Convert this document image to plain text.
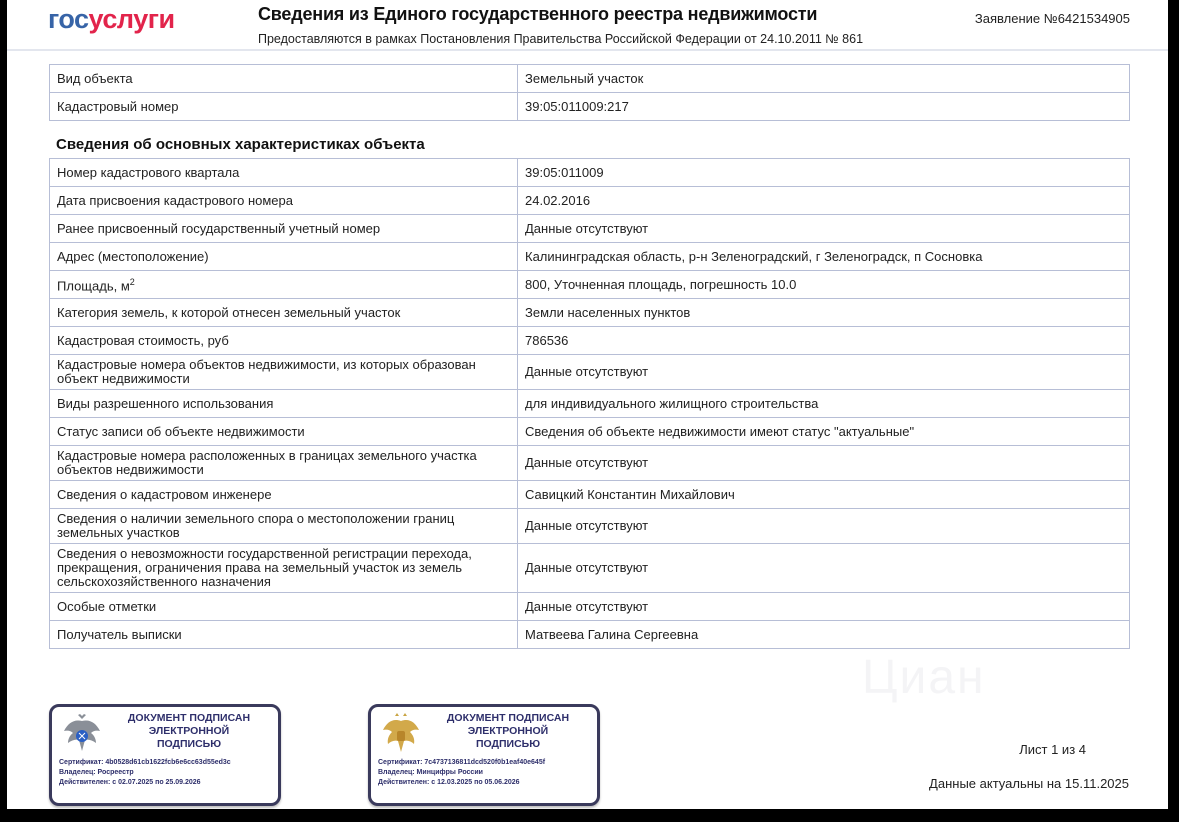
госуслуги	Сведения из Единого государственного реестра недвижимости
Предоставляются в рамках Постановления Правительства Российской Федерации от 24.10.2011 № 861
Заявление №6421534905
Вид объекта	Земельный участок
Кадастровый номер	39:05:011009:217
Сведения об основных характеристиках объекта
Номер кадастрового квартала	39:05:011009
Дата присвоения кадастрового номера	24.02.2016
Ранее присвоенный государственный учетный номер	Данные отсутствуют
Адрес (местоположение)	Калининградская область, р-н Зеленоградский, г Зеленоградск, п Сосновка
Площадь, $м^2$	800, Уточненная площадь, погрешность 10.0
Категория земель, к которой отнесен земельный участок	Земли населенных пунктов
Кадастровая стоимость, руб	786536
Кадастровые номера объектов недвижимости, из которых образован объект недвижимости	Данные отсутствуют
Виды разрешенного использования	для индивидуального жилищного строительства
Статус записи об объекте недвижимости	Сведения об объекте недвижимости имеют статус "актуальные"
Кадастровые номера расположенных в границах земельного участка объектов недвижимости	Данные отсутствуют
Сведения о кадастровом инженере	Савицкий Константин Михайлович
Сведения о наличии земельного спора о местоположении границ земельных участков	Данные отсутствуют
Сведения о невозможности государственной регистрации перехода, прекращения, ограничения права на земельный участок из земель сельскохозяйственного назначения	Данные отсутствуют
Особые отметки	Данные отсутствуют
Получатель выписки	Матвеева Галина Сергеевна
Циан
ДОКУМЕНТ ПОДПИСАН
ЭЛЕКТРОННОЙ
ПОДПИСЬЮ
Сертификат: 4b0528d61cb1622fcb6e6cc63d55ed3c
Владелец: Росреестр
Действителен: с 02.07.2025 по 25.09.2026
ДОКУМЕНТ ПОДПИСАН
ЭЛЕКТРОННОЙ
ПОДПИСЬЮ
Сертификат: 7c4737136811dcd520f0b1eaf40e645f
Владелец: Минцифры России
Действителен: с 12.03.2025 по 05.06.2026
Лист 1 из 4
Данные актуальны на 15.11.2025
